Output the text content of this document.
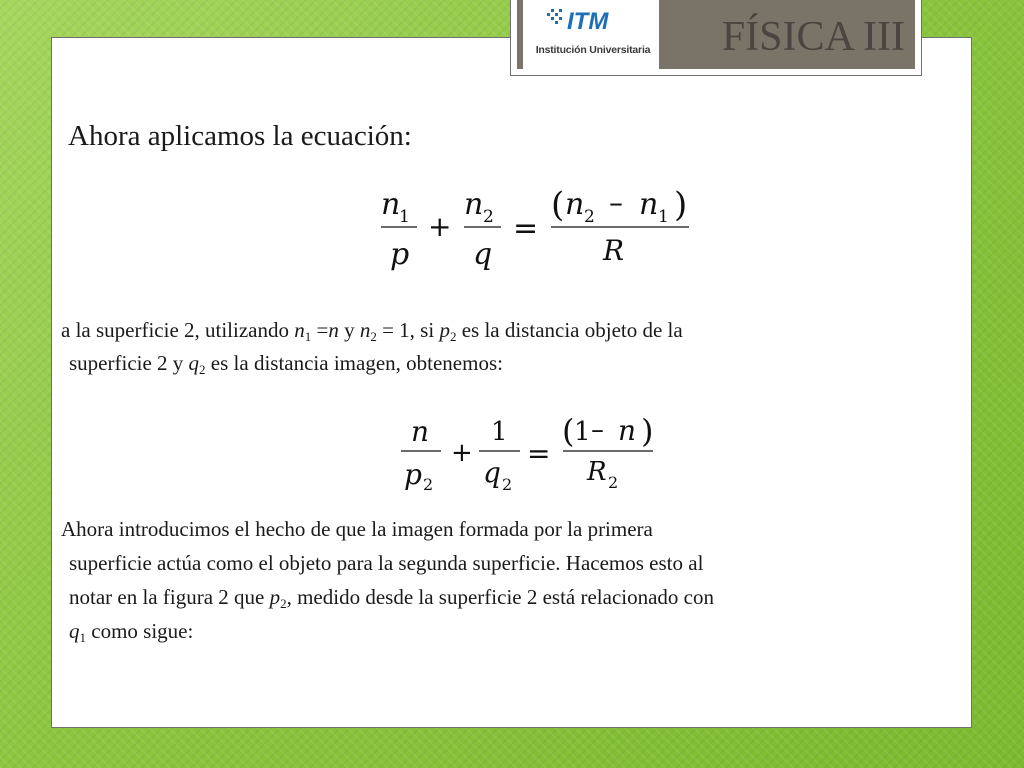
ITM
Institución Universitaria	FÍSICA III
Ahora aplicamos la ecuación:
n
1
p
+
n 2
q
=
( n 2 – n 1 )
R
a la superficie 2, utilizando $n_1 =n$ y $n_2 = 1$, si $p_2$ es la distancia objeto de la
superficie 2 y $q_2$ es la distancia imagen, obtenemos:
n
p 2
+
1
q 2
=
( 1 – n )
R 2
Ahora introducimos el hecho de que la imagen formada por la primera
superficie actúa como el objeto para la segunda superficie. Hacemos esto al
notar en la figura 2 que $p_2$, medido desde la superficie 2 está relacionado con
$q_1$ como sigue:
